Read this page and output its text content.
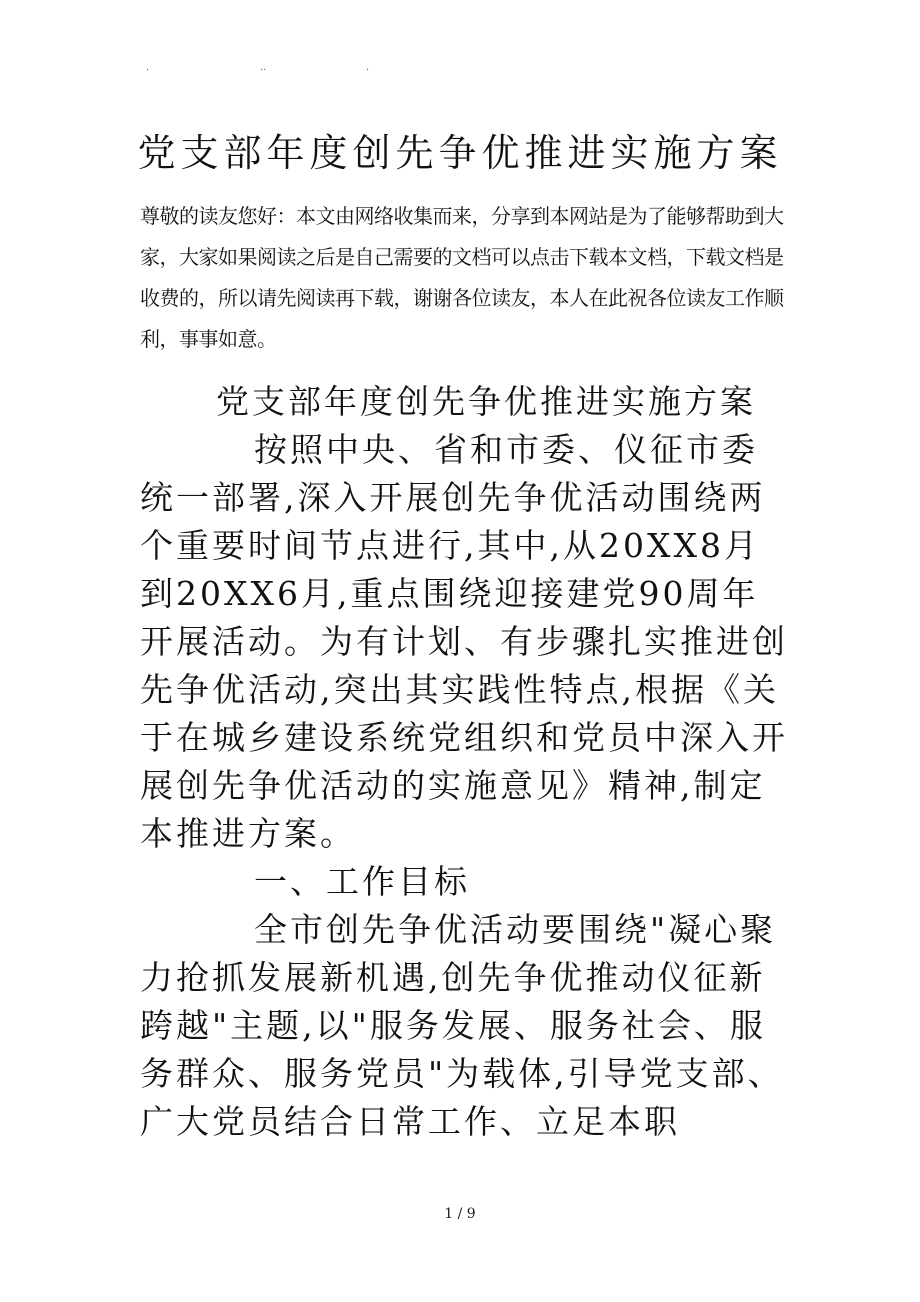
.	..	.
党支部年度创先争优推进实施方案

尊敬的读友您好：本文由网络收集而来，分享到本网站是为了能够帮助到大家，大家如果阅读之后是自己需要的文档可以点击下载本文档，下载文档是收费的，所以请先阅读再下载，谢谢各位读友，本人在此祝各位读友工作顺利，事事如意。

党支部年度创先争优推进实施方案

按照中央、省和市委、仪征市委统一部署,深入开展创先争优活动围绕两个重要时间节点进行,其中,从20XX8月到20XX6月,重点围绕迎接建党90周年开展活动。为有计划、有步骤扎实推进创先争优活动,突出其实践性特点,根据《关于在城乡建设系统党组织和党员中深入开展创先争优活动的实施意见》精神,制定本推进方案。

一、工作目标

全市创先争优活动要围绕"凝心聚力抢抓发展新机遇,创先争优推动仪征新跨越"主题,以"服务发展、服务社会、服务群众、服务党员"为载体,引导党支部、广大党员结合日常工作、立足本职

1 / 9
